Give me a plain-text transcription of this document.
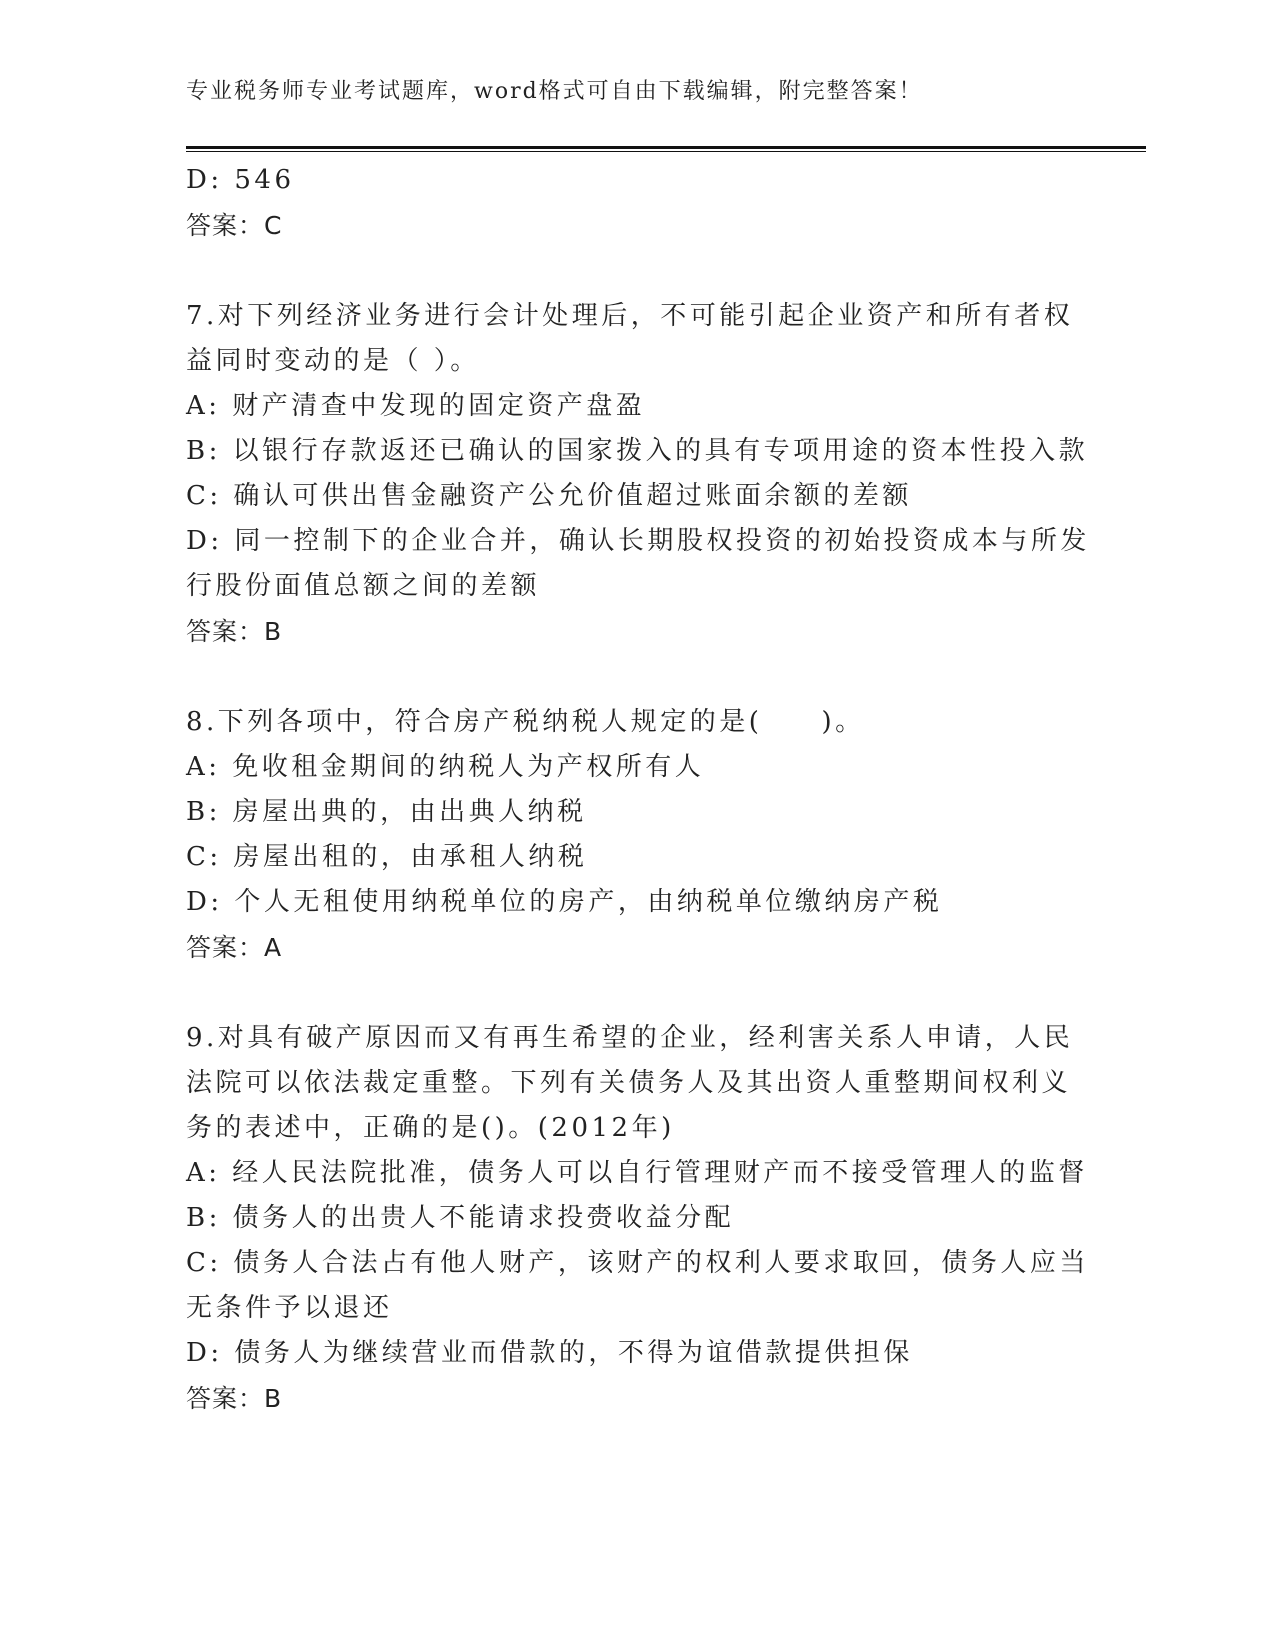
专业税务师专业考试题库，word格式可自由下载编辑，附完整答案！
D: 546
答案：C
7.对下列经济业务进行会计处理后，不可能引起企业资产和所有者权
益同时变动的是（ ）。
A: 财产清查中发现的固定资产盘盈
B: 以银行存款返还已确认的国家拨入的具有专项用途的资本性投入款
C: 确认可供出售金融资产公允价值超过账面余额的差额
D: 同一控制下的企业合并，确认长期股权投资的初始投资成本与所发
行股份面值总额之间的差额
答案：B
8.下列各项中，符合房产税纳税人规定的是(　　)。
A: 免收租金期间的纳税人为产权所有人
B: 房屋出典的，由出典人纳税
C: 房屋出租的，由承租人纳税
D: 个人无租使用纳税单位的房产，由纳税单位缴纳房产税
答案：A
9.对具有破产原因而又有再生希望的企业，经利害关系人申请，人民
法院可以依法裁定重整。下列有关债务人及其出资人重整期间权利义
务的表述中，正确的是()。(2012年)
A: 经人民法院批准，债务人可以自行管理财产而不接受管理人的监督
B: 债务人的出贵人不能请求投赍收益分配
C: 债务人合法占有他人财产，该财产的权利人要求取回，债务人应当
无条件予以退还
D: 债务人为继续营业而借款的，不得为谊借款提供担保
答案：B
